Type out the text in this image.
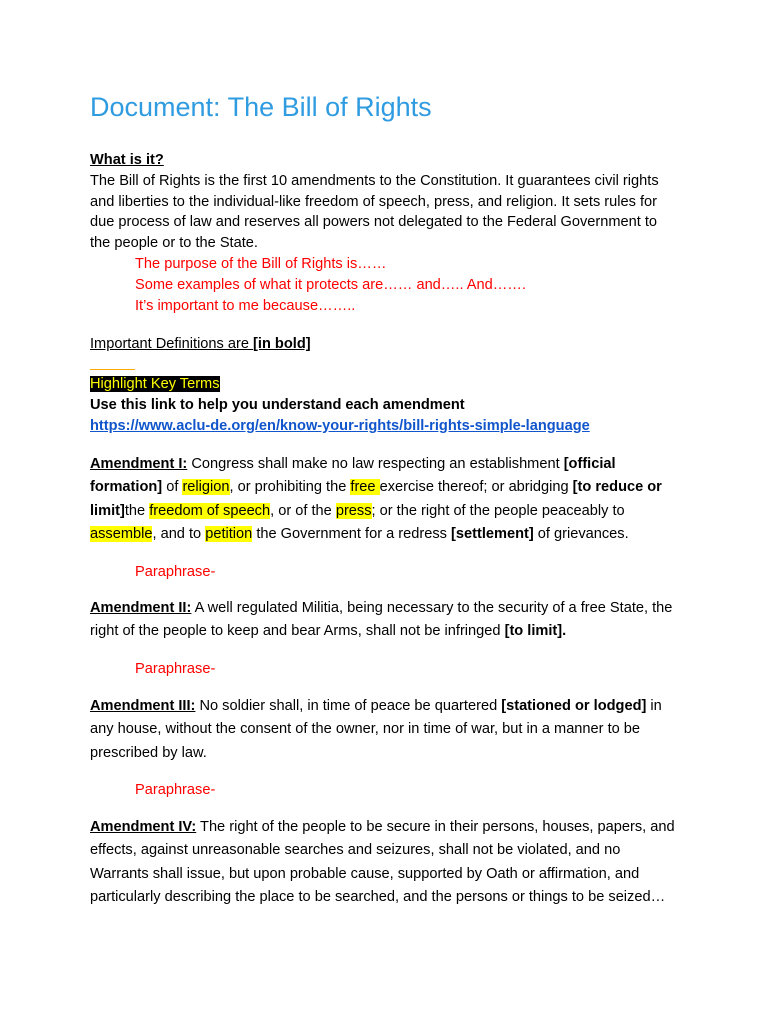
Document: The Bill of Rights
What is it?
The Bill of Rights is the first 10 amendments to the Constitution. It guarantees civil rights and liberties to the individual-like freedom of speech, press, and religion. It sets rules for due process of law and reserves all powers not delegated to the Federal Government to the people or to the State.
The purpose of the Bill of Rights is……
Some examples of what it protects are…… and….. And…….
It’s important to me because……..
Important Definitions are [in bold]
Highlight Key Terms
Use this link to help you understand each amendment
https://www.aclu-de.org/en/know-your-rights/bill-rights-simple-language
Amendment I: Congress shall make no law respecting an establishment [official formation] of religion, or prohibiting the free exercise thereof; or abridging [to reduce or limit]the freedom of speech, or of the press; or the right of the people peaceably to assemble, and to petition the Government for a redress [settlement] of grievances.
Paraphrase-
Amendment II: A well regulated Militia, being necessary to the security of a free State, the right of the people to keep and bear Arms, shall not be infringed [to limit].
Paraphrase-
Amendment III: No soldier shall, in time of peace be quartered [stationed or lodged] in any house, without the consent of the owner, nor in time of war, but in a manner to be prescribed by law.
Paraphrase-
Amendment IV: The right of the people to be secure in their persons, houses, papers, and effects, against unreasonable searches and seizures, shall not be violated, and no Warrants shall issue, but upon probable cause, supported by Oath or affirmation, and particularly describing the place to be searched, and the persons or things to be seized…
